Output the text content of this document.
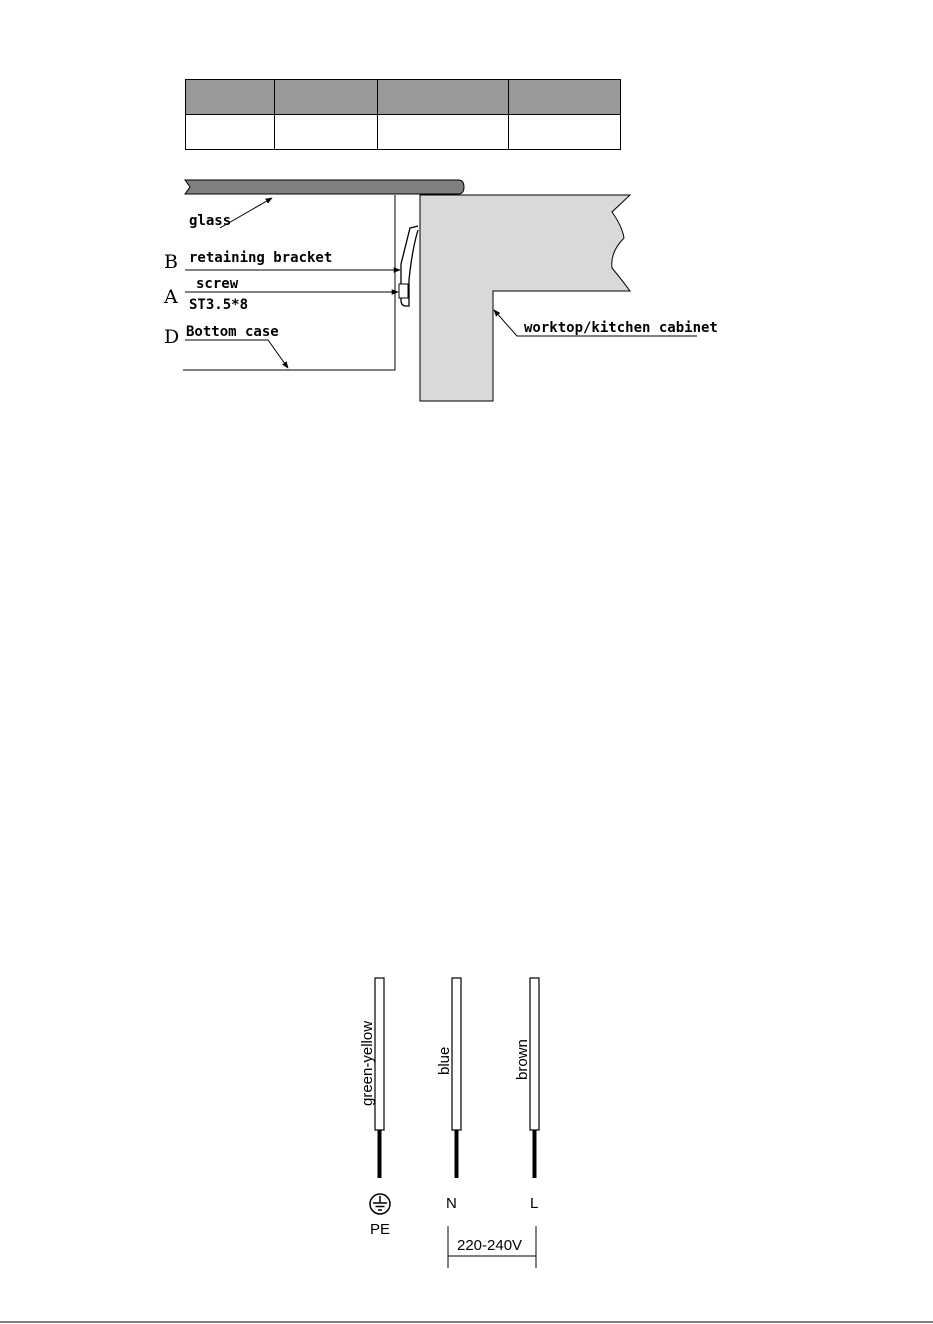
glass
retaining bracket
screw
ST3.5*8
Bottom case	worktop/kitchen cabinet
B
A
D
green-yellow	blue	brown
PE
N	L
220-240V
